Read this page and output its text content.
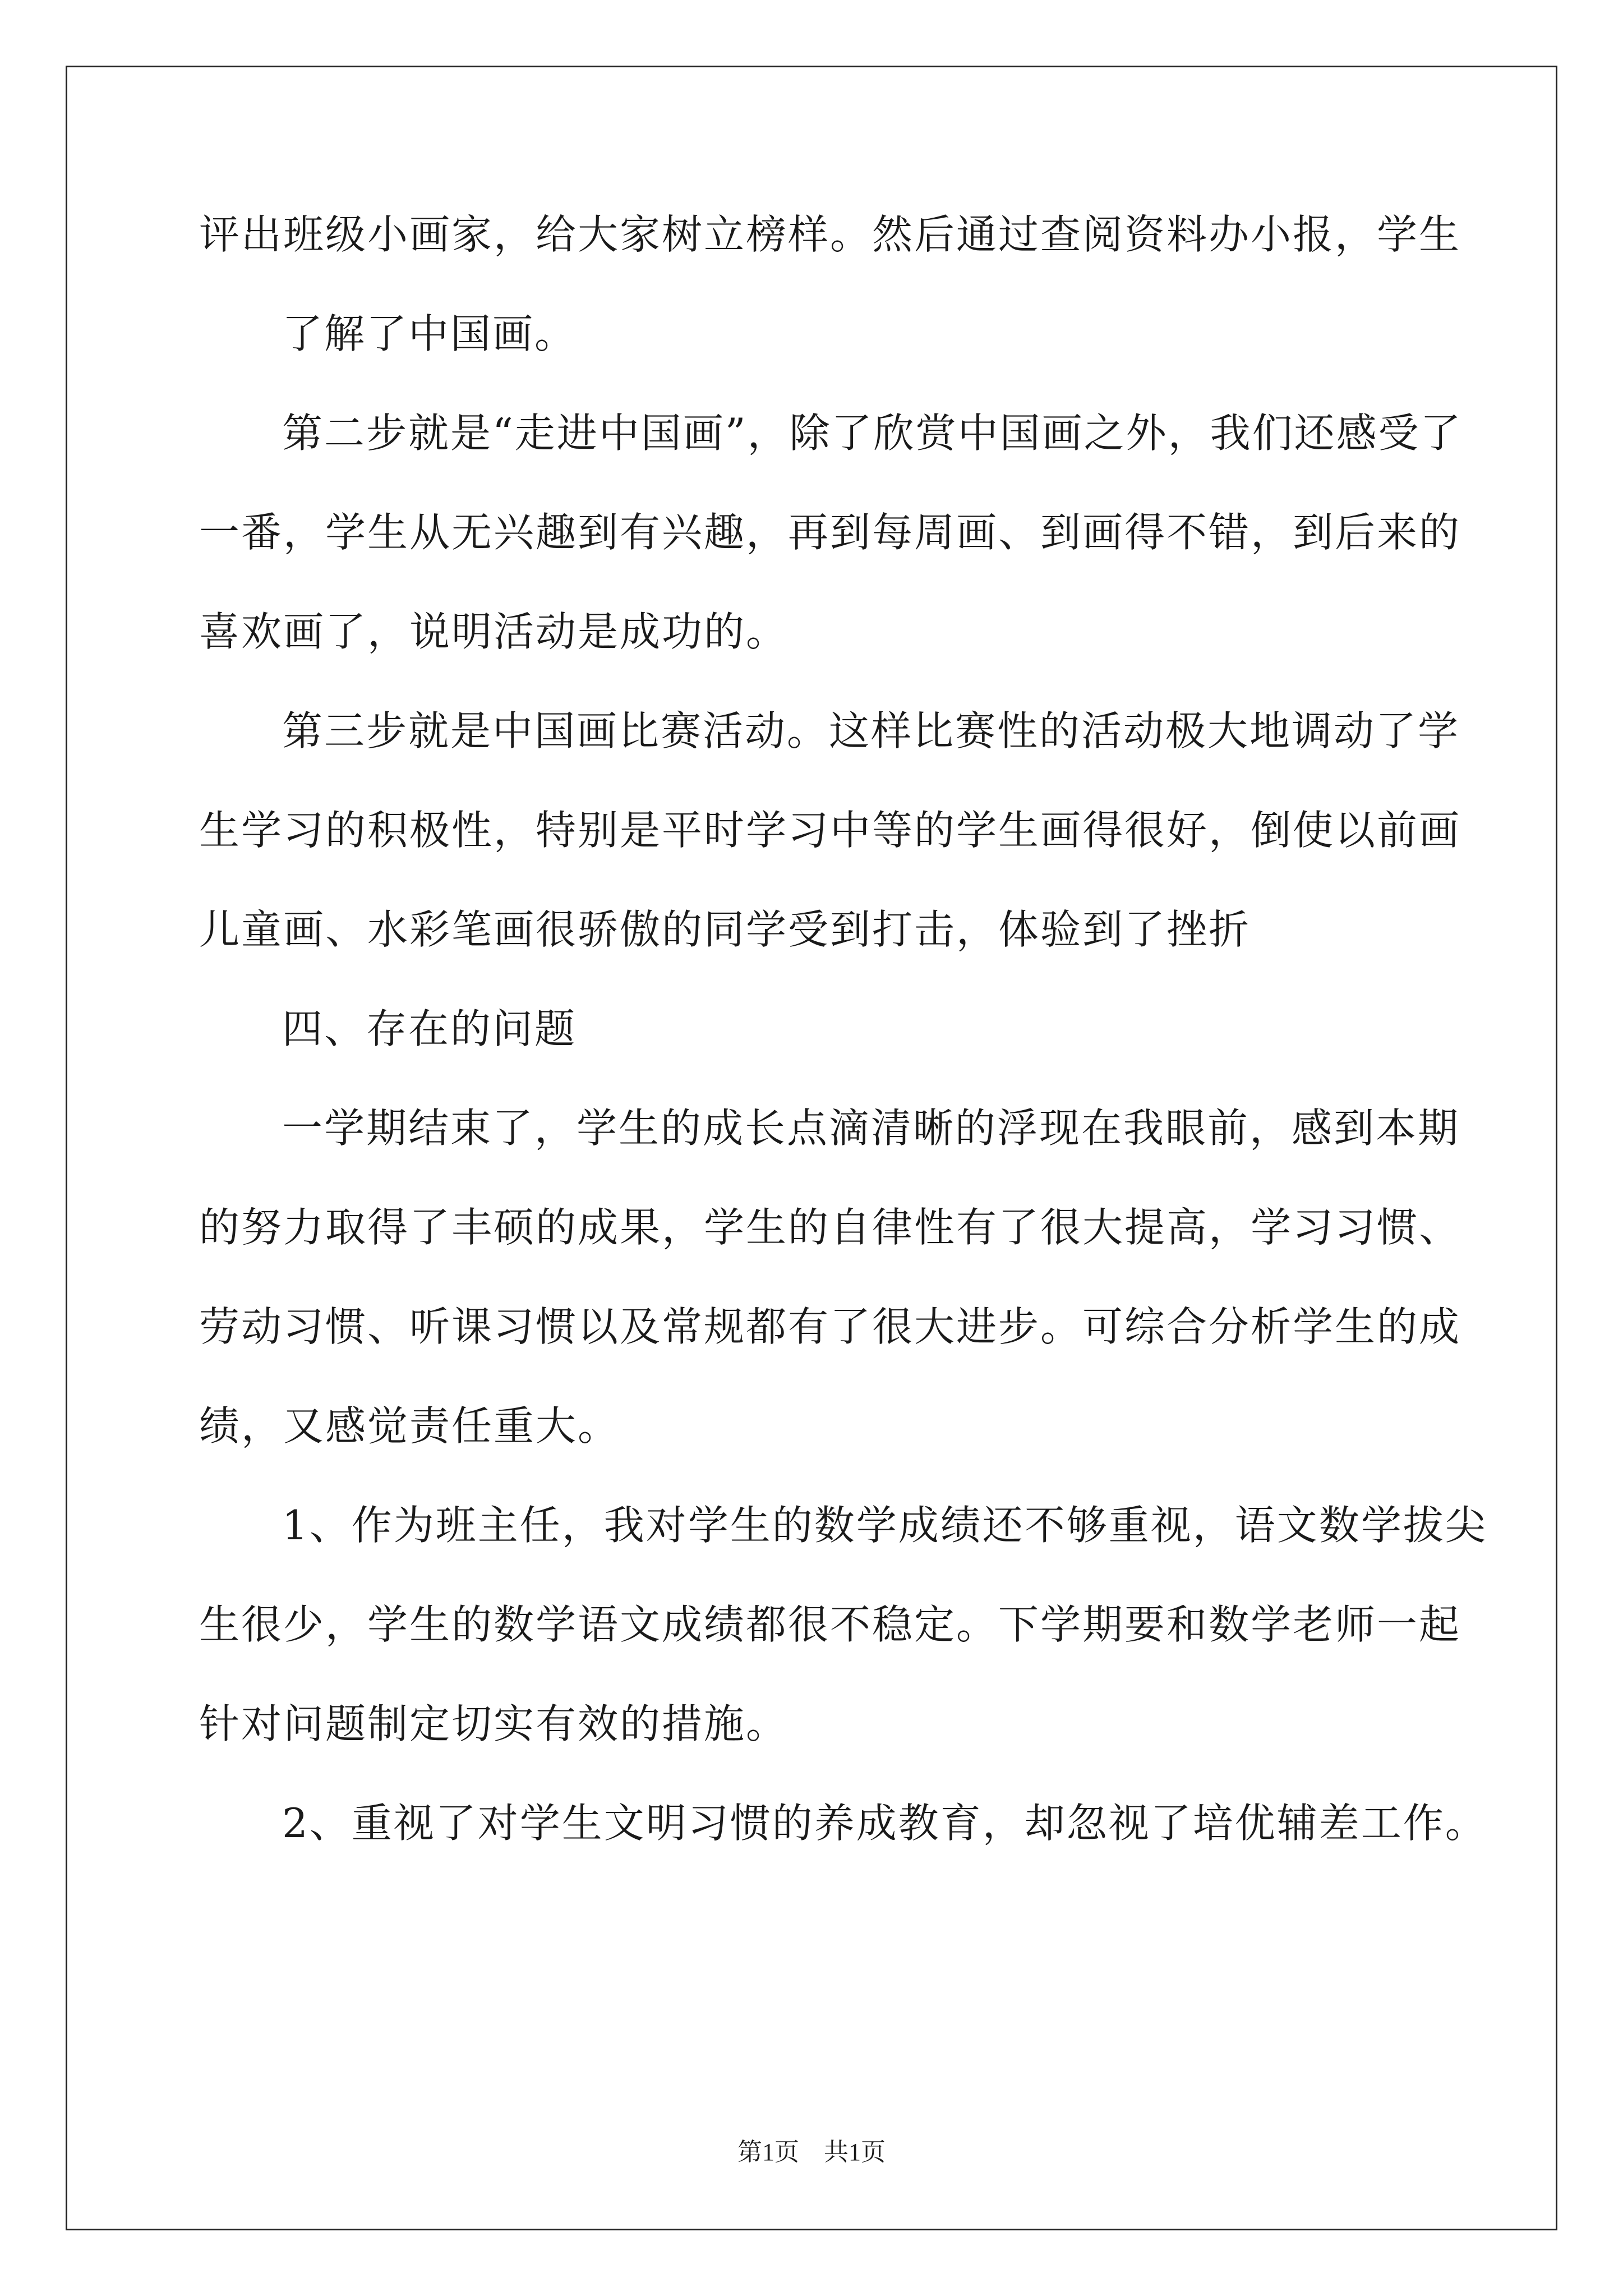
评出班级小画家，给大家树立榜样。然后通过查阅资料办小报，学生
了解了中国画。
第二步就是“走进中国画”，除了欣赏中国画之外，我们还感受了
一番，学生从无兴趣到有兴趣，再到每周画、到画得不错，到后来的
喜欢画了，说明活动是成功的。
第三步就是中国画比赛活动。这样比赛性的活动极大地调动了学
生学习的积极性，特别是平时学习中等的学生画得很好，倒使以前画
儿童画、水彩笔画很骄傲的同学受到打击，体验到了挫折
四、存在的问题
一学期结束了，学生的成长点滴清晰的浮现在我眼前，感到本期
的努力取得了丰硕的成果，学生的自律性有了很大提高，学习习惯、
劳动习惯、听课习惯以及常规都有了很大进步。可综合分析学生的成
绩，又感觉责任重大。
1、作为班主任，我对学生的数学成绩还不够重视，语文数学拔尖
生很少，学生的数学语文成绩都很不稳定。下学期要和数学老师一起
针对问题制定切实有效的措施。
2、重视了对学生文明习惯的养成教育，却忽视了培优辅差工作。
第1页　共1页
